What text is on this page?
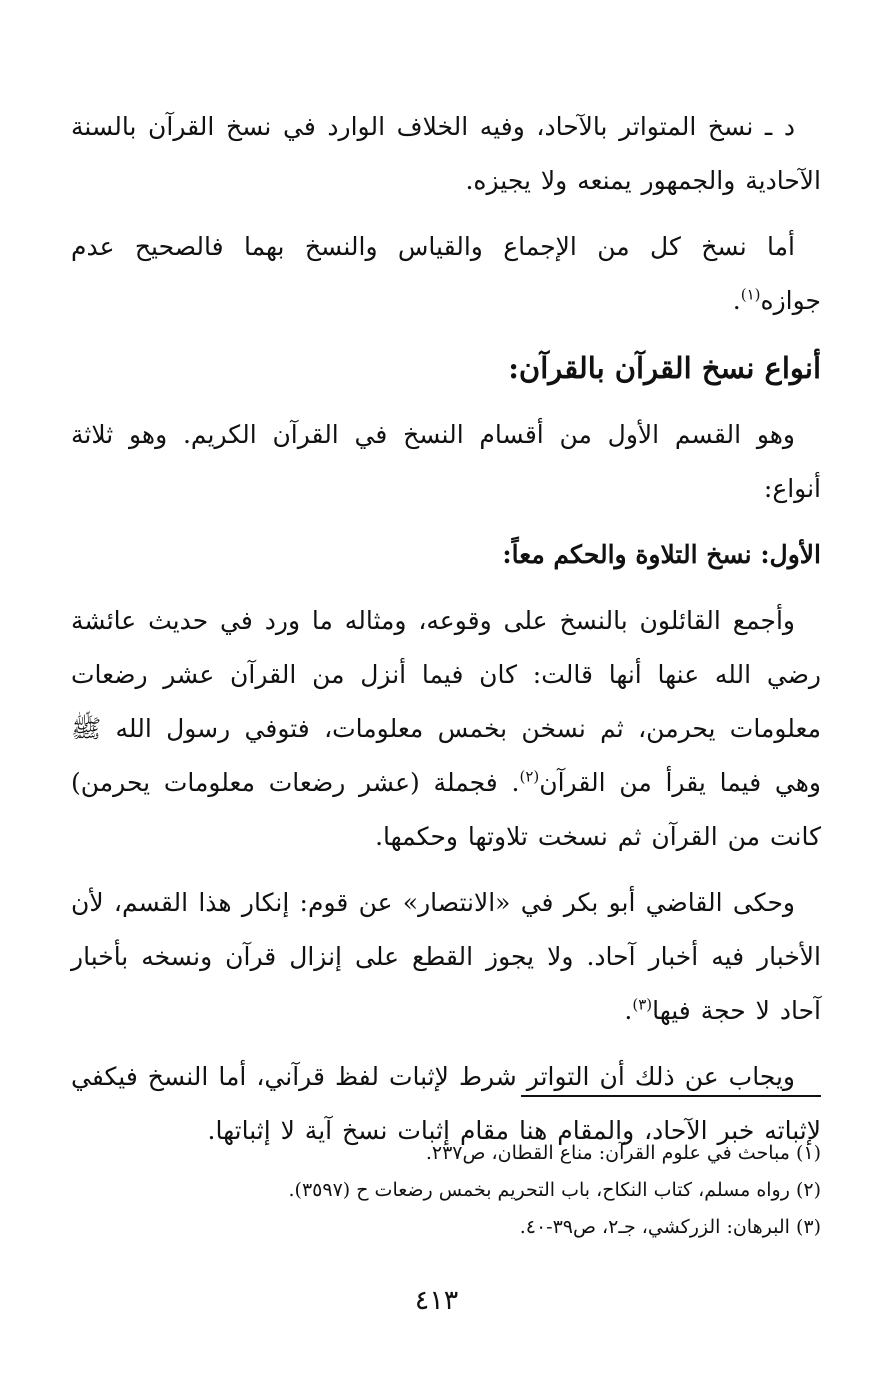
د ـ نسخ المتواتر بالآحاد، وفيه الخلاف الوارد في نسخ القرآن بالسنة الآحادية والجمهور يمنعه ولا يجيزه.

أما نسخ كل من الإجماع والقياس والنسخ بهما فالصحيح عدم جوازه$^{(١)}$.

أنواع نسخ القرآن بالقرآن:

وهو القسم الأول من أقسام النسخ في القرآن الكريم. وهو ثلاثة أنواع:

الأول: نسخ التلاوة والحكم معاً:

وأجمع القائلون بالنسخ على وقوعه، ومثاله ما ورد في حديث عائشة رضي الله عنها أنها قالت: كان فيما أنزل من القرآن عشر رضعات معلومات يحرمن، ثم نسخن بخمس معلومات، فتوفي رسول الله ﷺ وهي فيما يقرأ من القرآن$^{(٢)}$. فجملة (عشر رضعات معلومات يحرمن) كانت من القرآن ثم نسخت تلاوتها وحكمها.

وحكى القاضي أبو بكر في «الانتصار» عن قوم: إنكار هذا القسم، لأن الأخبار فيه أخبار آحاد. ولا يجوز القطع على إنزال قرآن ونسخه بأخبار آحاد لا حجة فيها$^{(٣)}$.

ويجاب عن ذلك أن التواتر شرط لإثبات لفظ قرآني، أما النسخ فيكفي لإثباته خبر الآحاد، والمقام هنا مقام إثبات نسخ آية لا إثباتها.

(١) مباحث في علوم القرآن: مناع القطان، ص٢٣٧.

(٢) رواه مسلم، كتاب النكاح، باب التحريم بخمس رضعات ح (٣٥٩٧).

(٣) البرهان: الزركشي، جـ٢، ص٣٩-٤٠.

٤١٣
